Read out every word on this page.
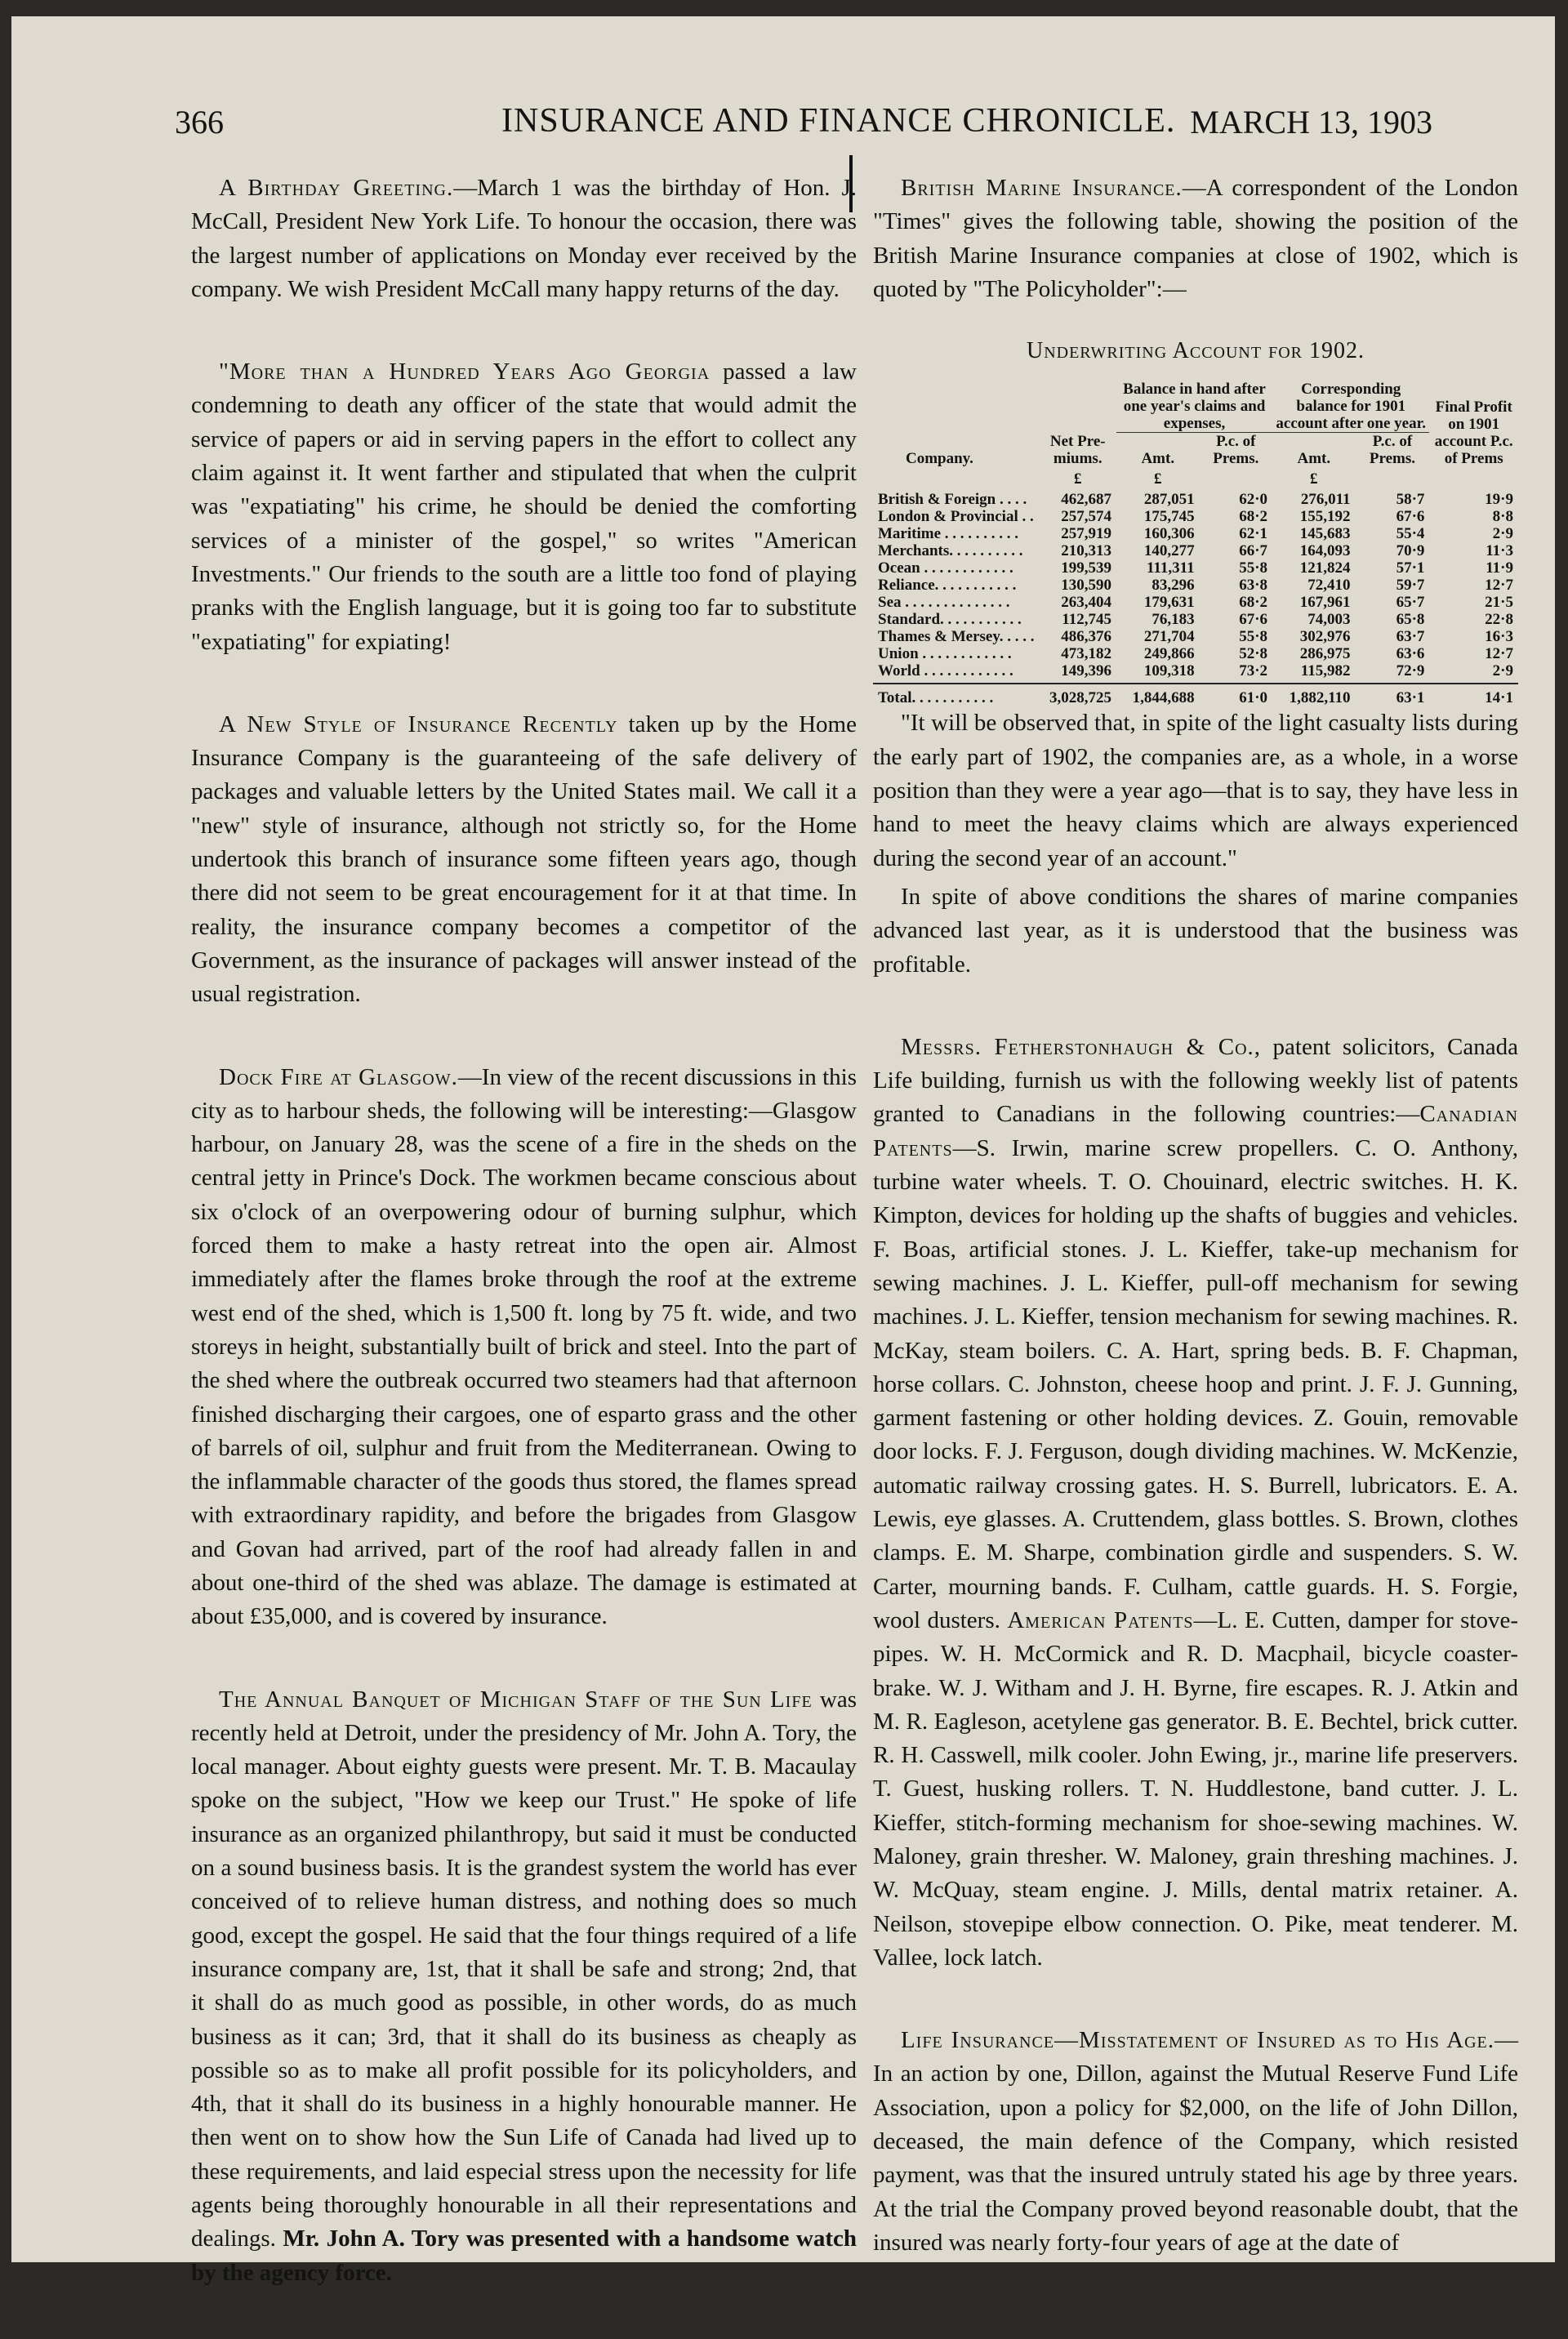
366	INSURANCE AND FINANCE CHRONICLE. MARCH 13, 1903

A Birthday Greeting.—March 1 was the birthday of Hon. J. McCall, President New York Life. To honour the occasion, there was the largest number of applications on Monday ever received by the company. We wish President McCall many happy returns of the day.

"More than a Hundred Years Ago Georgia passed a law condemning to death any officer of the state that would admit the service of papers or aid in serving papers in the effort to collect any claim against it. It went farther and stipulated that when the culprit was "expatiating" his crime, he should be denied the comforting services of a minister of the gospel," so writes "American Investments." Our friends to the south are a little too fond of playing pranks with the English language, but it is going too far to substitute "expatiating" for expiating!

A New Style of Insurance Recently taken up by the Home Insurance Company is the guaranteeing of the safe delivery of packages and valuable letters by the United States mail. We call it a "new" style of insurance, although not strictly so, for the Home undertook this branch of insurance some fifteen years ago, though there did not seem to be great encouragement for it at that time. In reality, the insurance company becomes a competitor of the Government, as the insurance of packages will answer instead of the usual registration.

Dock Fire at Glasgow.—In view of the recent discussions in this city as to harbour sheds, the following will be interesting:—Glasgow harbour, on January 28, was the scene of a fire in the sheds on the central jetty in Prince's Dock. The workmen became conscious about six o'clock of an overpowering odour of burning sulphur, which forced them to make a hasty retreat into the open air. Almost immediately after the flames broke through the roof at the extreme west end of the shed, which is 1,500 ft. long by 75 ft. wide, and two storeys in height, substantially built of brick and steel. Into the part of the shed where the outbreak occurred two steamers had that afternoon finished discharging their cargoes, one of esparto grass and the other of barrels of oil, sulphur and fruit from the Mediterranean. Owing to the inflammable character of the goods thus stored, the flames spread with extraordinary rapidity, and before the brigades from Glasgow and Govan had arrived, part of the roof had already fallen in and about one-third of the shed was ablaze. The damage is estimated at about £35,000, and is covered by insurance.

The Annual Banquet of Michigan Staff of the Sun Life was recently held at Detroit, under the presidency of Mr. John A. Tory, the local manager. About eighty guests were present. Mr. T. B. Macaulay spoke on the subject, "How we keep our Trust." He spoke of life insurance as an organized philanthropy, but said it must be conducted on a sound business basis. It is the grandest system the world has ever conceived of to relieve human distress, and nothing does so much good, except the gospel. He said that the four things required of a life insurance company are, 1st, that it shall be safe and strong; 2nd, that it shall do as much good as possible, in other words, do as much business as it can; 3rd, that it shall do its business as cheaply as possible so as to make all profit possible for its policyholders, and 4th, that it shall do its business in a highly honourable manner. He then went on to show how the Sun Life of Canada had lived up to these requirements, and laid especial stress upon the necessity for life agents being thoroughly honourable in all their representations and dealings. Mr. John A. Tory was presented with a handsome watch by the agency force.

British Marine Insurance.—A correspondent of the London "Times" gives the following table, showing the position of the British Marine Insurance companies at close of 1902, which is quoted by "The Policyholder":—

Underwriting Account for 1902.
Company.	Net Pre-miums.	Balance in hand after one year's claims and expenses,		Corresponding balance for 1901 account after one year.		Final Profit on 1901 account P.c. of Prems
		Amt.	P.c. of Prems.	Amt.	P.c. of Prems.	
	£	£		£		
British & Foreign . . . .	462,687	287,051	62·0	276,011	58·7	19·9
London & Provincial . .	257,574	175,745	68·2	155,192	67·6	8·8
Maritime . . . . . . . . . .	257,919	160,306	62·1	145,683	55·4	2·9
Merchants. . . . . . . . . .	210,313	140,277	66·7	164,093	70·9	11·3
Ocean . . . . . . . . . . . .	199,539	111,311	55·8	121,824	57·1	11·9
Reliance. . . . . . . . . . .	130,590	83,296	63·8	72,410	59·7	12·7
Sea . . . . . . . . . . . . . .	263,404	179,631	68·2	167,961	65·7	21·5
Standard. . . . . . . . . . .	112,745	76,183	67·6	74,003	65·8	22·8
Thames & Mersey. . . . .	486,376	271,704	55·8	302,976	63·7	16·3
Union . . . . . . . . . . . .	473,182	249,866	52·8	286,975	63·6	12·7
World . . . . . . . . . . . .	149,396	109,318	73·2	115,982	72·9	2·9
Total. . . . . . . . . . .	3,028,725	1,844,688	61·0	1,882,110	63·1	14·1

"It will be observed that, in spite of the light casualty lists during the early part of 1902, the companies are, as a whole, in a worse position than they were a year ago—that is to say, they have less in hand to meet the heavy claims which are always experienced during the second year of an account."

In spite of above conditions the shares of marine companies advanced last year, as it is understood that the business was profitable.

Messrs. Fetherstonhaugh & Co., patent solicitors, Canada Life building, furnish us with the following weekly list of patents granted to Canadians in the following countries:—Canadian Patents—S. Irwin, marine screw propellers. C. O. Anthony, turbine water wheels. T. O. Chouinard, electric switches. H. K. Kimpton, devices for holding up the shafts of buggies and vehicles. F. Boas, artificial stones. J. L. Kieffer, take-up mechanism for sewing machines. J. L. Kieffer, pull-off mechanism for sewing machines. J. L. Kieffer, tension mechanism for sewing machines. R. McKay, steam boilers. C. A. Hart, spring beds. B. F. Chapman, horse collars. C. Johnston, cheese hoop and print. J. F. J. Gunning, garment fastening or other holding devices. Z. Gouin, removable door locks. F. J. Ferguson, dough dividing machines. W. McKenzie, automatic railway crossing gates. H. S. Burrell, lubricators. E. A. Lewis, eye glasses. A. Cruttendem, glass bottles. S. Brown, clothes clamps. E. M. Sharpe, combination girdle and suspenders. S. W. Carter, mourning bands. F. Culham, cattle guards. H. S. Forgie, wool dusters. American Patents—L. E. Cutten, damper for stove-pipes. W. H. McCormick and R. D. Macphail, bicycle coaster-brake. W. J. Witham and J. H. Byrne, fire escapes. R. J. Atkin and M. R. Eagleson, acetylene gas generator. B. E. Bechtel, brick cutter. R. H. Casswell, milk cooler. John Ewing, jr., marine life preservers. T. Guest, husking rollers. T. N. Huddlestone, band cutter. J. L. Kieffer, stitch-forming mechanism for shoe-sewing machines. W. Maloney, grain thresher. W. Maloney, grain threshing machines. J. W. McQuay, steam engine. J. Mills, dental matrix retainer. A. Neilson, stovepipe elbow connection. O. Pike, meat tenderer. M. Vallee, lock latch.

Life Insurance—Misstatement of Insured as to His Age.—In an action by one, Dillon, against the Mutual Reserve Fund Life Association, upon a policy for $2,000, on the life of John Dillon, deceased, the main defence of the Company, which resisted payment, was that the insured untruly stated his age by three years. At the trial the Company proved beyond reasonable doubt, that the insured was nearly forty-four years of age at the date of
